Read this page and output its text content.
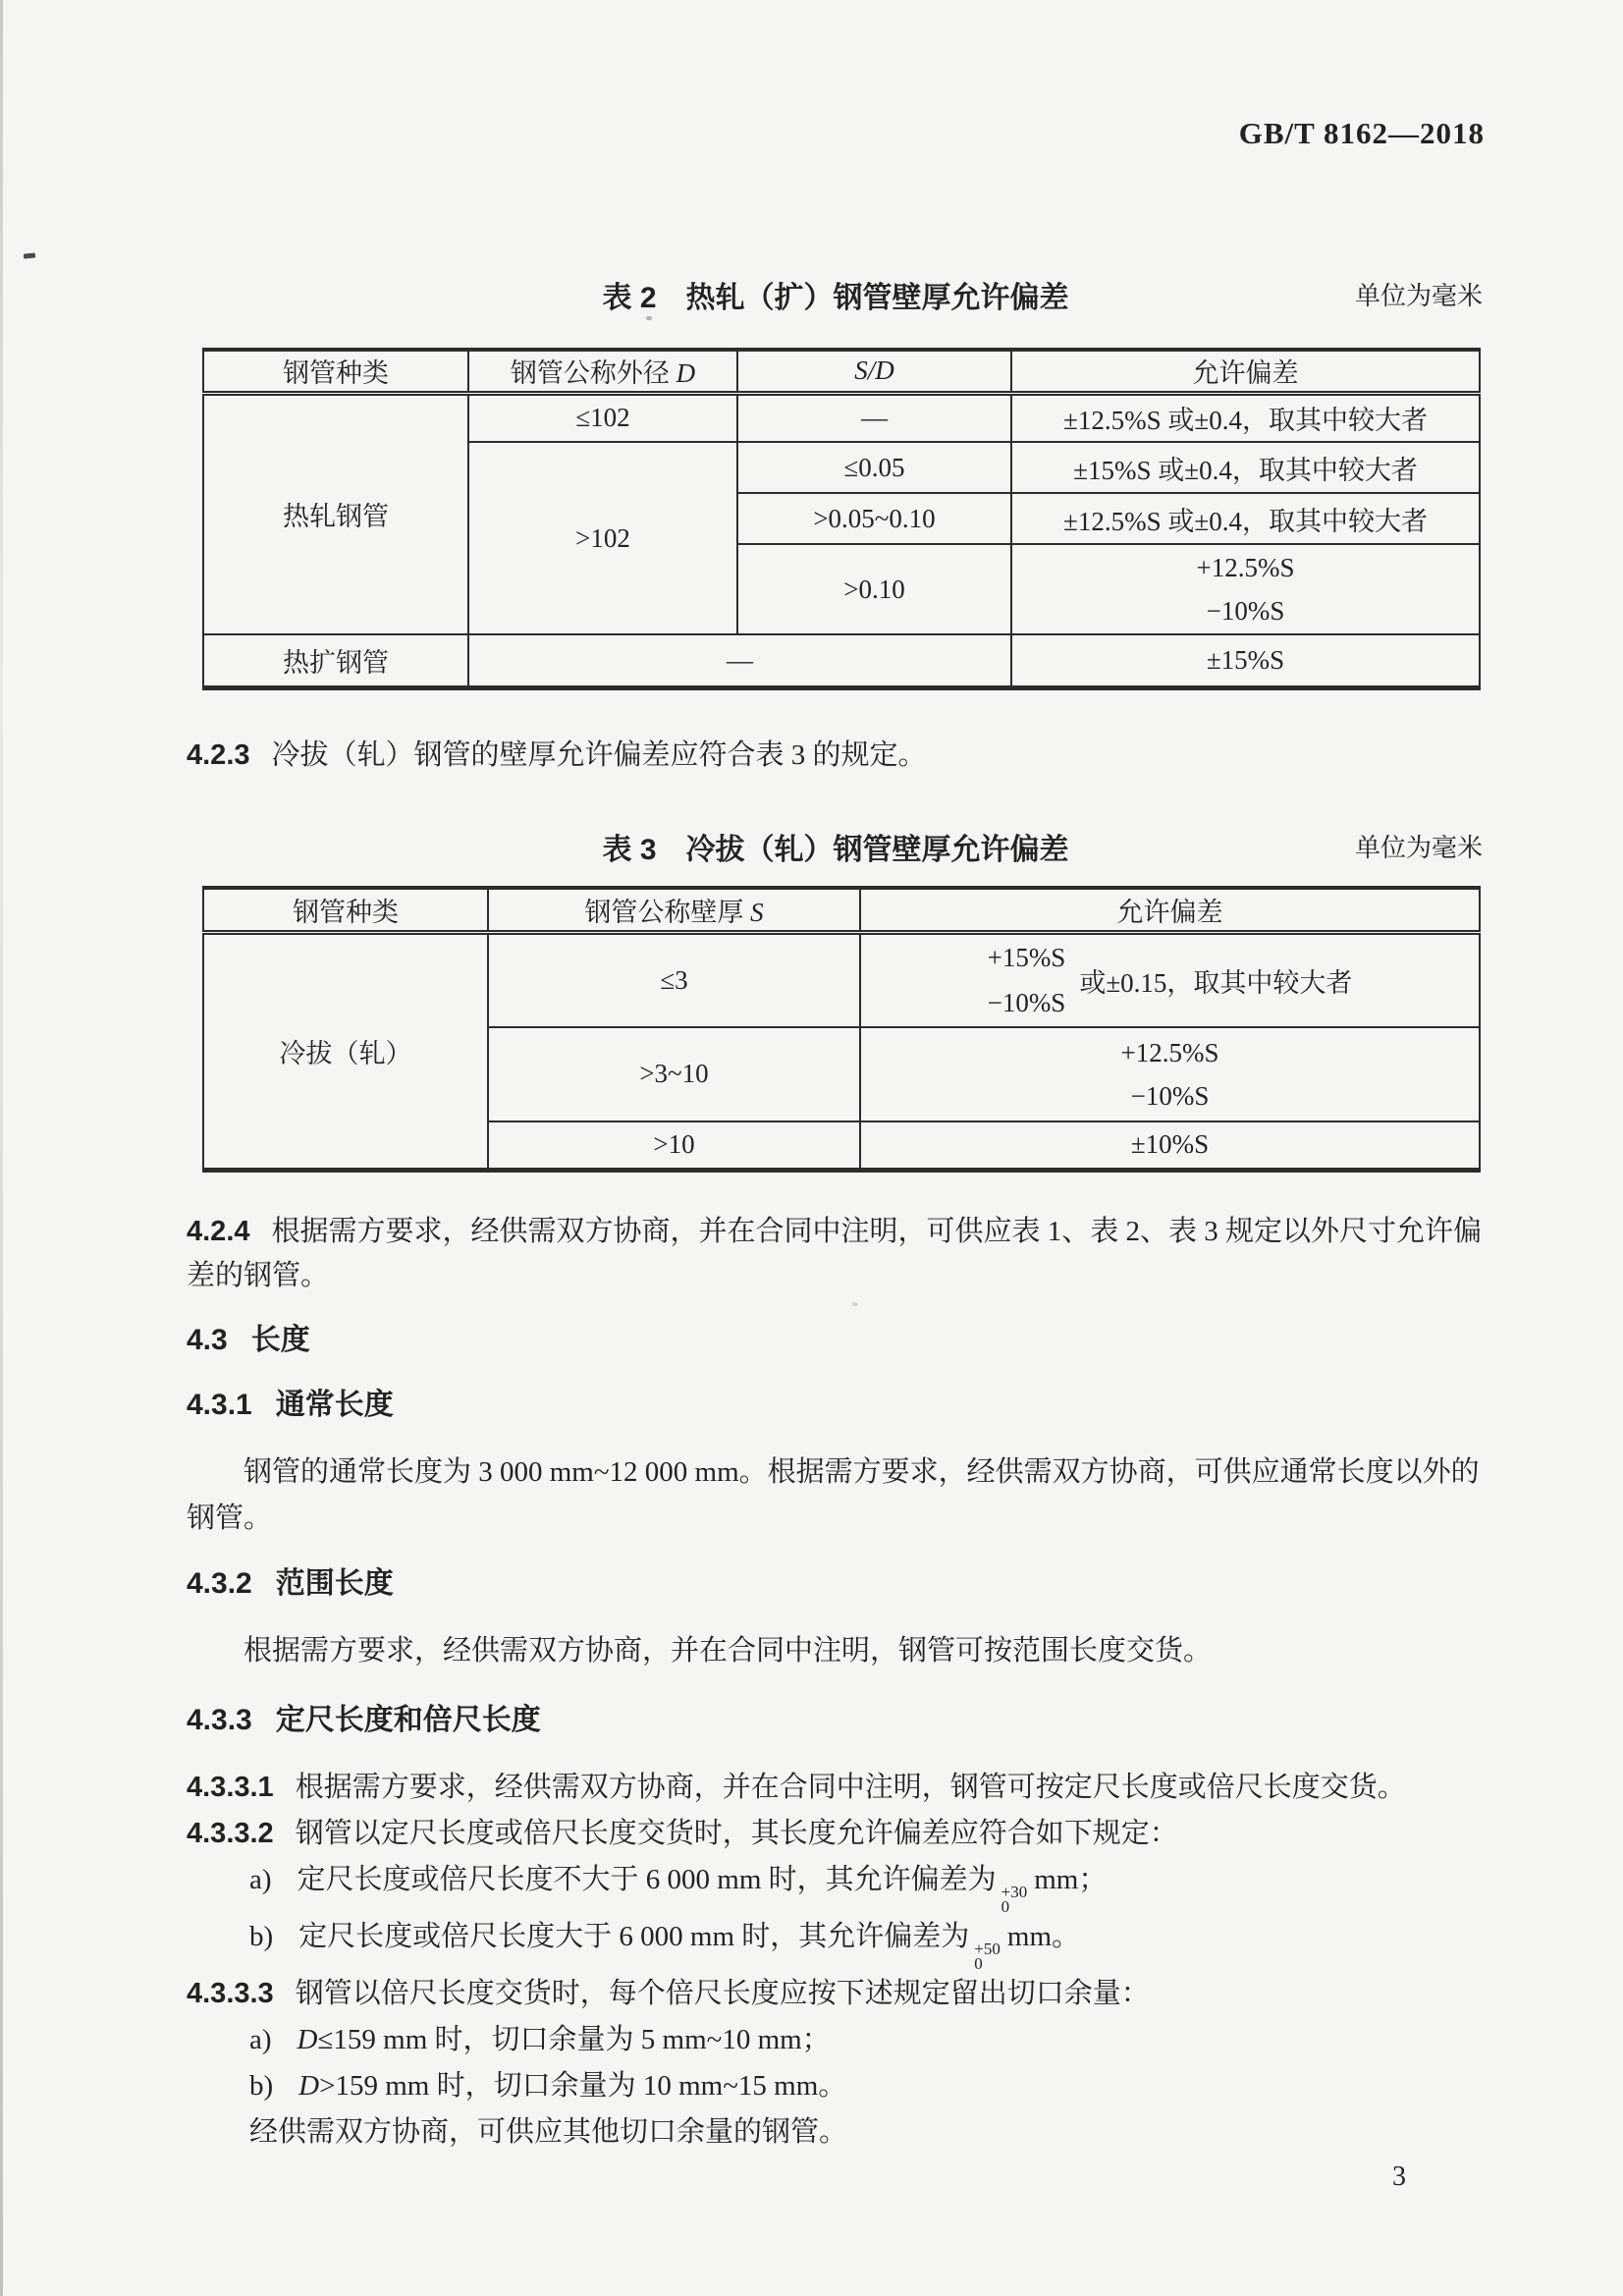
GB/T 8162—2018
表 2　热轧（扩）钢管壁厚允许偏差	单位为毫米
钢管种类	钢管公称外径 D	S/D	允许偏差
热轧钢管	≤102	—	±12.5%S 或±0.4，取其中较大者
	>102	≤0.05	±15%S 或±0.4，取其中较大者
		>0.05~0.10	±12.5%S 或±0.4，取其中较大者
		>0.10	+12.5%S
−10%S

热扩钢管	—		±15%S
4.2.3 冷拔（轧）钢管的壁厚允许偏差应符合表 3 的规定。
表 3　冷拔（轧）钢管壁厚允许偏差	单位为毫米
钢管种类	钢管公称壁厚 S	允许偏差
冷拔（轧）	≤3	+15%S
−10%S
或±0.15，取其中较大者

	>3~10	+12.5%S
−10%S

	>10	±10%S
4.2.4 根据需方要求，经供需双方协商，并在合同中注明，可供应表 1、表 2、表 3 规定以外尺寸允许偏差的钢管。
4.3 长度
4.3.1 通常长度
钢管的通常长度为 3 000 mm~12 000 mm。根据需方要求，经供需双方协商，可供应通常长度以外的钢管。
4.3.2 范围长度
根据需方要求，经供需双方协商，并在合同中注明，钢管可按范围长度交货。
4.3.3 定尺长度和倍尺长度
4.3.3.1 根据需方要求，经供需双方协商，并在合同中注明，钢管可按定尺长度或倍尺长度交货。
4.3.3.2 钢管以定尺长度或倍尺长度交货时，其长度允许偏差应符合如下规定：
a) 定尺长度或倍尺长度不大于 6 000 mm 时，其允许偏差为 +30
0
mm；
b) 定尺长度或倍尺长度大于 6 000 mm 时，其允许偏差为 +50
0
mm。
4.3.3.3 钢管以倍尺长度交货时，每个倍尺长度应按下述规定留出切口余量：
a) D≤159 mm 时，切口余量为 5 mm~10 mm；
b) D>159 mm 时，切口余量为 10 mm~15 mm。
经供需双方协商，可供应其他切口余量的钢管。
3
